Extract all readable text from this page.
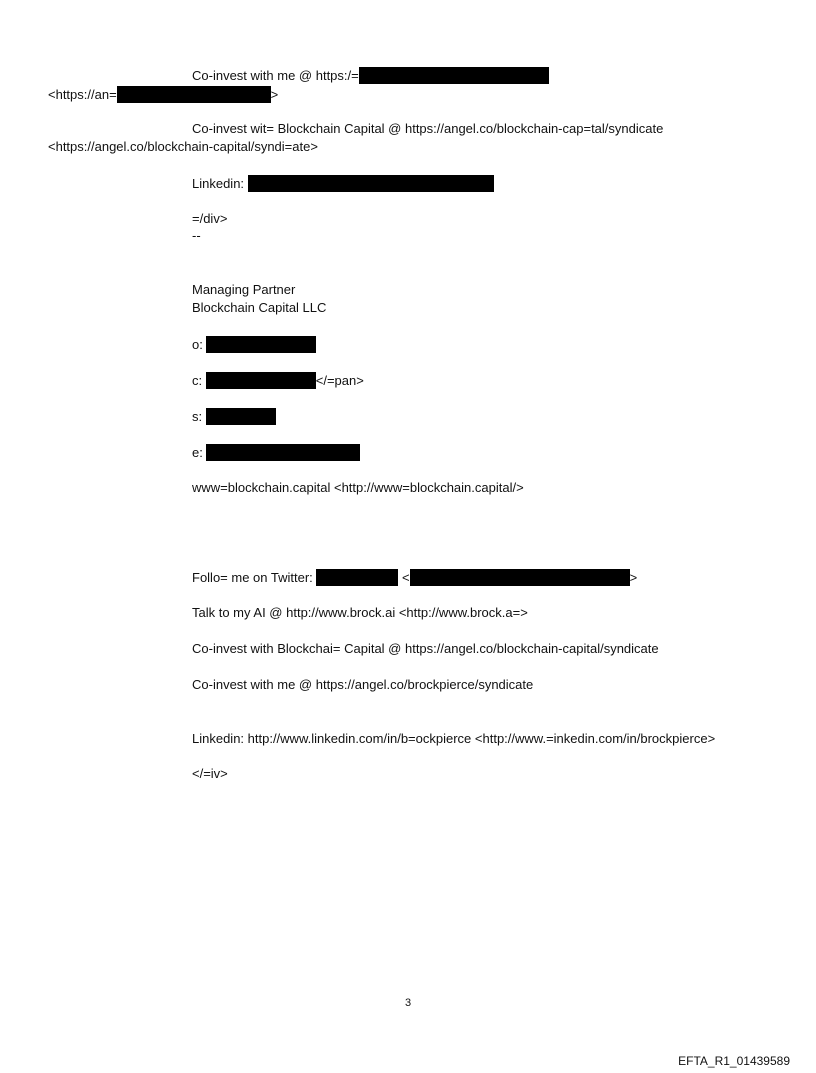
Co-invest with me @ https:/=
<https://an=	>
Co-invest wit= Blockchain Capital @ https://angel.co/blockchain-cap=tal/syndicate
<https://angel.co/blockchain-capital/syndi=ate>
Linkedin:
=/div>
--
Managing Partner
Blockchain Capital LLC
o:
c:	</=pan>
s:
e:
www=blockchain.capital <http://www=blockchain.capital/>
Follo= me on Twitter:	<	>
Talk to my AI @ http://www.brock.ai <http://www.brock.a=>
Co-invest with Blockchai= Capital @ https://angel.co/blockchain-capital/syndicate
Co-invest with me @ https://angel.co/brockpierce/syndicate
Linkedin: http://www.linkedin.com/in/b=ockpierce <http://www.=inkedin.com/in/brockpierce>
</=iv>
3
EFTA_R1_01439589
